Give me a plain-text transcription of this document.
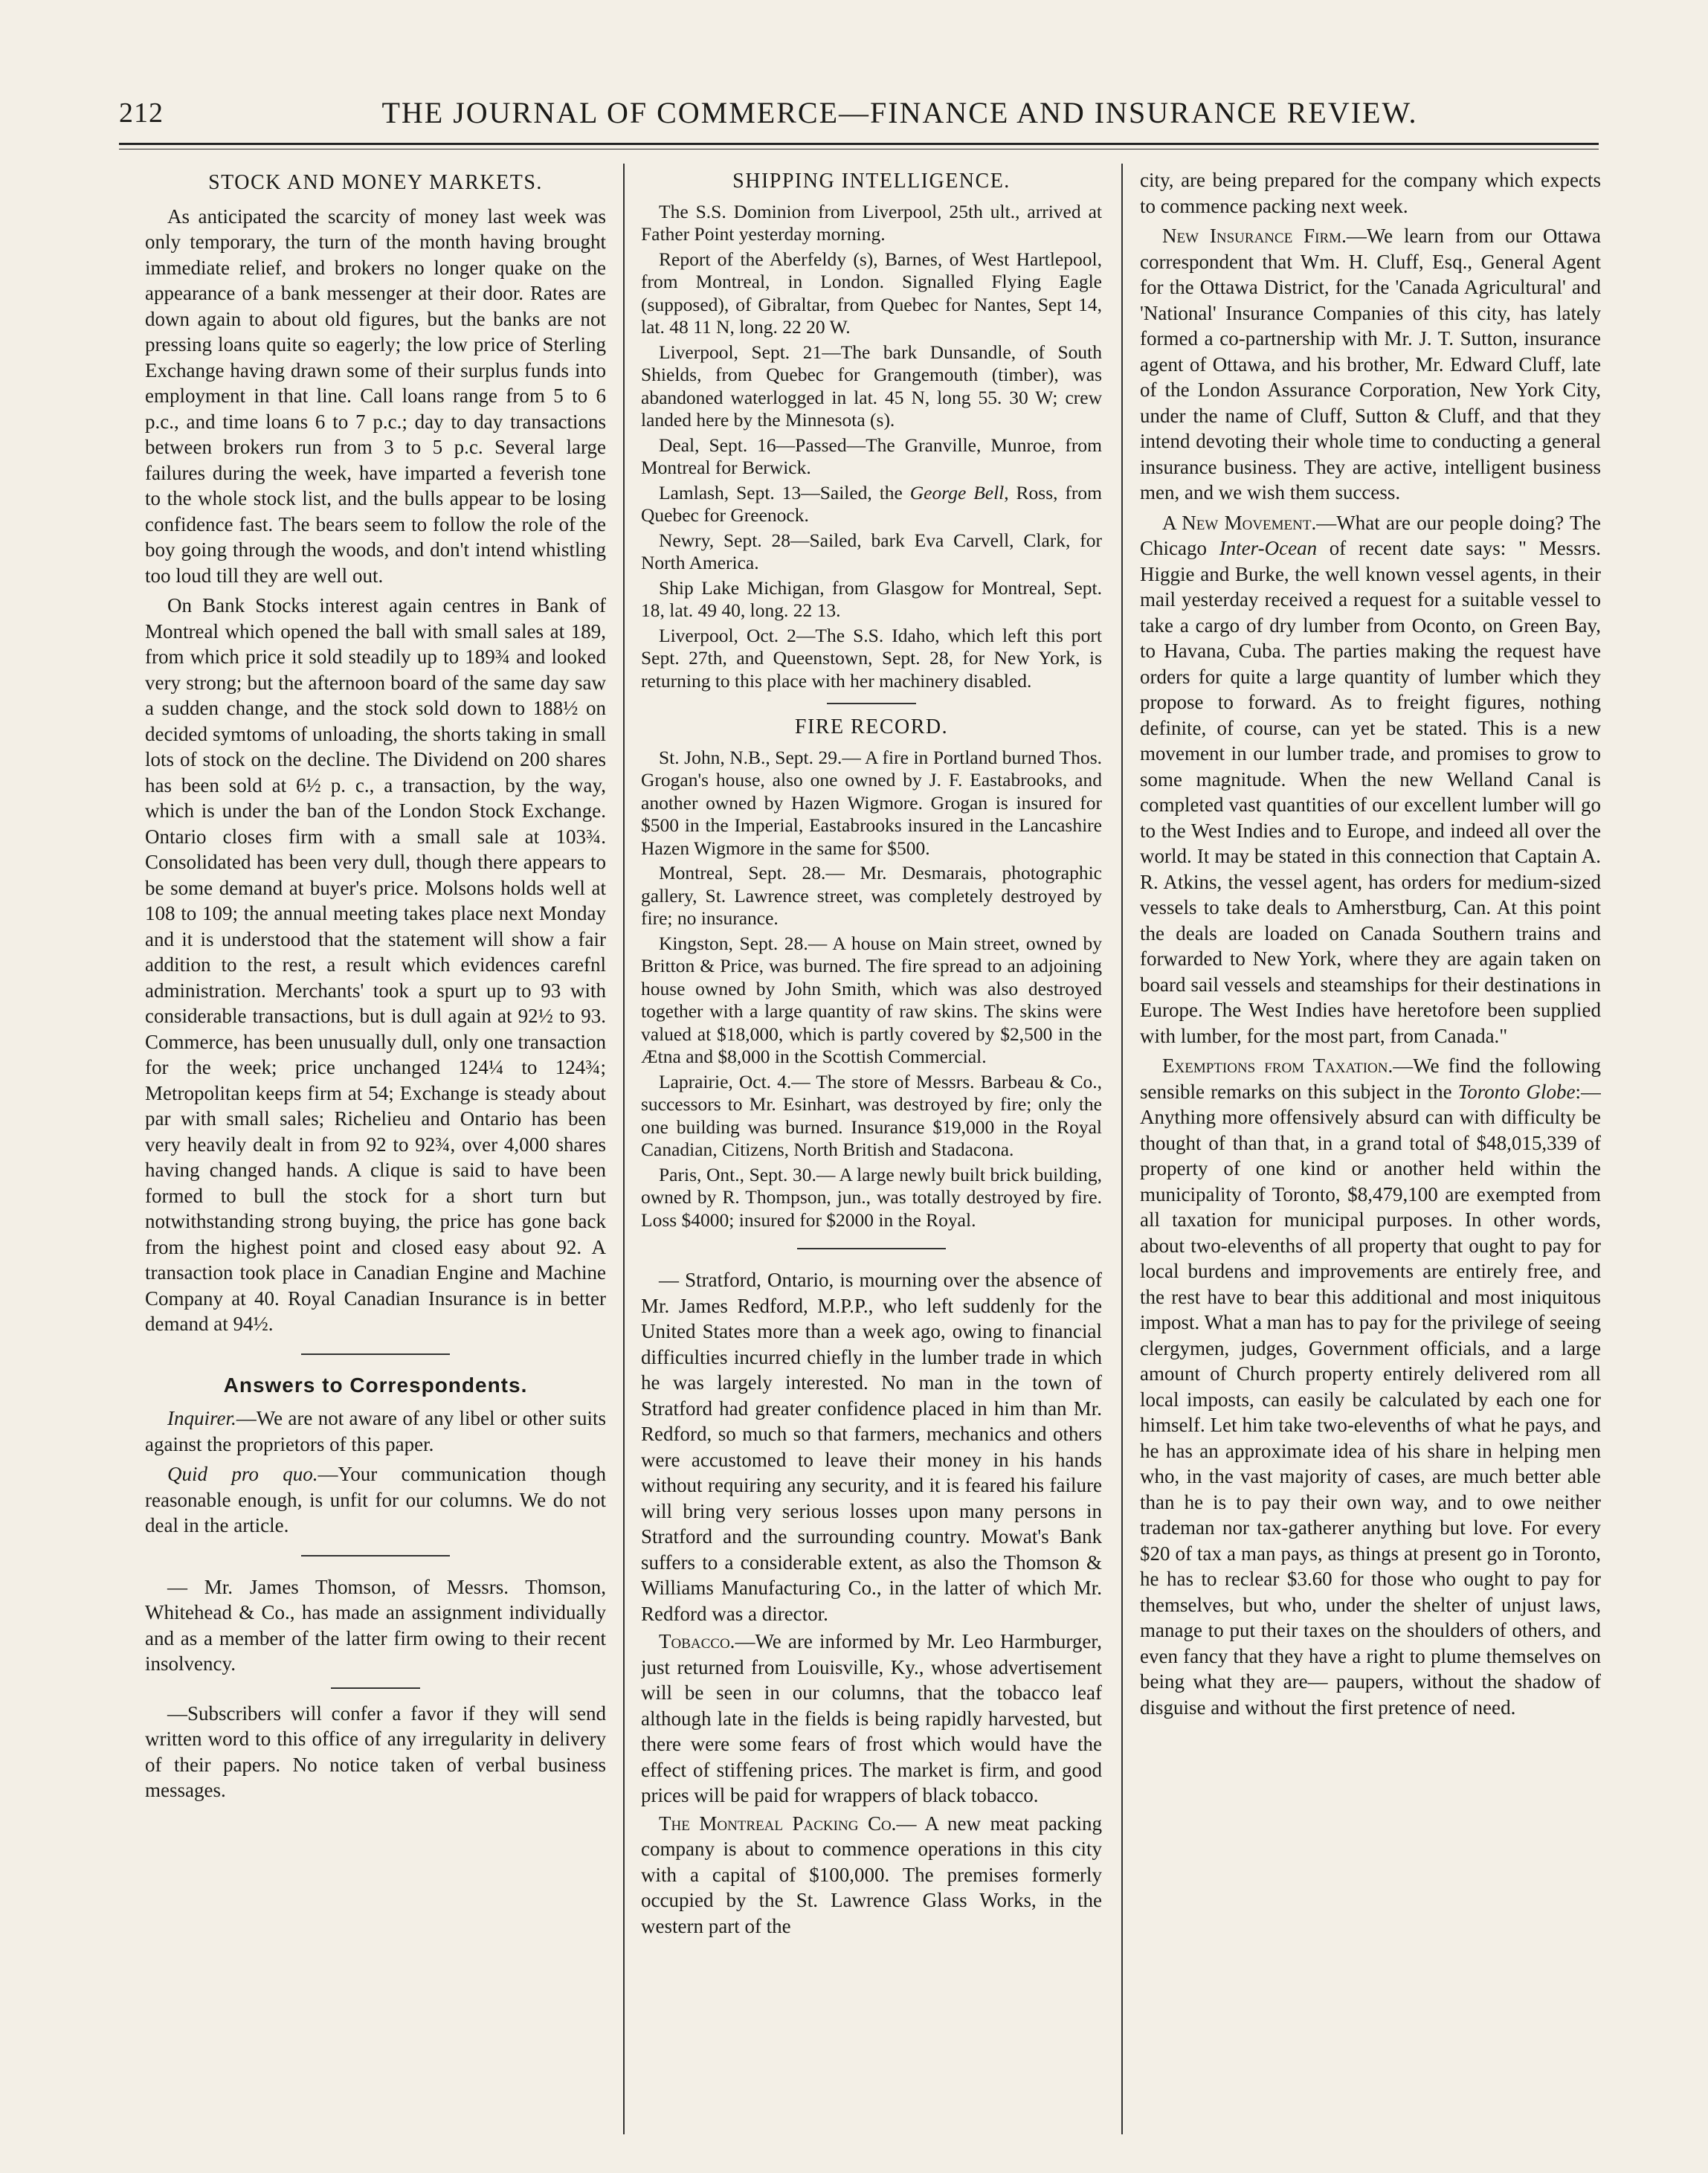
212	THE JOURNAL OF COMMERCE—FINANCE AND INSURANCE REVIEW.
STOCK AND MONEY MARKETS.

As anticipated the scarcity of money last week was only temporary, the turn of the month having brought immediate relief, and brokers no longer quake on the appearance of a bank messenger at their door. Rates are down again to about old figures, but the banks are not pressing loans quite so eagerly; the low price of Sterling Exchange having drawn some of their surplus funds into employment in that line. Call loans range from 5 to 6 p.c., and time loans 6 to 7 p.c.; day to day transactions between brokers run from 3 to 5 p.c. Several large failures during the week, have imparted a feverish tone to the whole stock list, and the bulls appear to be losing confidence fast. The bears seem to follow the role of the boy going through the woods, and don't intend whistling too loud till they are well out.

On Bank Stocks interest again centres in Bank of Montreal which opened the ball with small sales at 189, from which price it sold steadily up to 189¾ and looked very strong; but the afternoon board of the same day saw a sudden change, and the stock sold down to 188½ on decided symtoms of unloading, the shorts taking in small lots of stock on the decline. The Dividend on 200 shares has been sold at 6½ p. c., a transaction, by the way, which is under the ban of the London Stock Exchange. Ontario closes firm with a small sale at 103¾. Consolidated has been very dull, though there appears to be some demand at buyer's price. Molsons holds well at 108 to 109; the annual meeting takes place next Monday and it is understood that the statement will show a fair addition to the rest, a result which evidences carefnl administration. Merchants' took a spurt up to 93 with considerable transactions, but is dull again at 92½ to 93. Commerce, has been unusually dull, only one transaction for the week; price unchanged 124¼ to 124¾; Metropolitan keeps firm at 54; Exchange is steady about par with small sales; Richelieu and Ontario has been very heavily dealt in from 92 to 92¾, over 4,000 shares having changed hands. A clique is said to have been formed to bull the stock for a short turn but notwithstanding strong buying, the price has gone back from the highest point and closed easy about 92. A transaction took place in Canadian Engine and Machine Company at 40. Royal Canadian Insurance is in better demand at 94½.

Answers to Correspondents.

Inquirer.—We are not aware of any libel or other suits against the proprietors of this paper.

Quid pro quo.—Your communication though reasonable enough, is unfit for our columns. We do not deal in the article.

— Mr. James Thomson, of Messrs. Thomson, Whitehead & Co., has made an assignment individually and as a member of the latter firm owing to their recent insolvency.

—Subscribers will confer a favor if they will send written word to this office of any irregularity in delivery of their papers. No notice taken of verbal business messages.

SHIPPING INTELLIGENCE.

The S.S. Dominion from Liverpool, 25th ult., arrived at Father Point yesterday morning.

Report of the Aberfeldy (s), Barnes, of West Hartlepool, from Montreal, in London. Signalled Flying Eagle (supposed), of Gibraltar, from Quebec for Nantes, Sept 14, lat. 48 11 N, long. 22 20 W.

Liverpool, Sept. 21—The bark Dunsandle, of South Shields, from Quebec for Grangemouth (timber), was abandoned waterlogged in lat. 45 N, long 55. 30 W; crew landed here by the Minnesota (s).

Deal, Sept. 16—Passed—The Granville, Munroe, from Montreal for Berwick.

Lamlash, Sept. 13—Sailed, the George Bell, Ross, from Quebec for Greenock.

Newry, Sept. 28—Sailed, bark Eva Carvell, Clark, for North America.

Ship Lake Michigan, from Glasgow for Montreal, Sept. 18, lat. 49 40, long. 22 13.

Liverpool, Oct. 2—The S.S. Idaho, which left this port Sept. 27th, and Queenstown, Sept. 28, for New York, is returning to this place with her machinery disabled.

FIRE RECORD.

St. John, N.B., Sept. 29.— A fire in Portland burned Thos. Grogan's house, also one owned by J. F. Eastabrooks, and another owned by Hazen Wigmore. Grogan is insured for $500 in the Imperial, Eastabrooks insured in the Lancashire Hazen Wigmore in the same for $500.

Montreal, Sept. 28.— Mr. Desmarais, photographic gallery, St. Lawrence street, was completely destroyed by fire; no insurance.

Kingston, Sept. 28.— A house on Main street, owned by Britton & Price, was burned. The fire spread to an adjoining house owned by John Smith, which was also destroyed together with a large quantity of raw skins. The skins were valued at $18,000, which is partly covered by $2,500 in the Ætna and $8,000 in the Scottish Commercial.

Laprairie, Oct. 4.— The store of Messrs. Barbeau & Co., successors to Mr. Esinhart, was destroyed by fire; only the one building was burned. Insurance $19,000 in the Royal Canadian, Citizens, North British and Stadacona.

Paris, Ont., Sept. 30.— A large newly built brick building, owned by R. Thompson, jun., was totally destroyed by fire. Loss $4000; insured for $2000 in the Royal.

— Stratford, Ontario, is mourning over the absence of Mr. James Redford, M.P.P., who left suddenly for the United States more than a week ago, owing to financial difficulties incurred chiefly in the lumber trade in which he was largely interested. No man in the town of Stratford had greater confidence placed in him than Mr. Redford, so much so that farmers, mechanics and others were accustomed to leave their money in his hands without requiring any security, and it is feared his failure will bring very serious losses upon many persons in Stratford and the surrounding country. Mowat's Bank suffers to a considerable extent, as also the Thomson & Williams Manufacturing Co., in the latter of which Mr. Redford was a director.

Tobacco.—We are informed by Mr. Leo Harmburger, just returned from Louisville, Ky., whose advertisement will be seen in our columns, that the tobacco leaf although late in the fields is being rapidly harvested, but there were some fears of frost which would have the effect of stiffening prices. The market is firm, and good prices will be paid for wrappers of black tobacco.

The Montreal Packing Co.— A new meat packing company is about to commence operations in this city with a capital of $100,000. The premises formerly occupied by the St. Lawrence Glass Works, in the western part of the

city, are being prepared for the company which expects to commence packing next week.

New Insurance Firm.—We learn from our Ottawa correspondent that Wm. H. Cluff, Esq., General Agent for the Ottawa District, for the 'Canada Agricultural' and 'National' Insurance Companies of this city, has lately formed a co-partnership with Mr. J. T. Sutton, insurance agent of Ottawa, and his brother, Mr. Edward Cluff, late of the London Assurance Corporation, New York City, under the name of Cluff, Sutton & Cluff, and that they intend devoting their whole time to conducting a general insurance business. They are active, intelligent business men, and we wish them success.

A New Movement.—What are our people doing? The Chicago Inter-Ocean of recent date says: " Messrs. Higgie and Burke, the well known vessel agents, in their mail yesterday received a request for a suitable vessel to take a cargo of dry lumber from Oconto, on Green Bay, to Havana, Cuba. The parties making the request have orders for quite a large quantity of lumber which they propose to forward. As to freight figures, nothing definite, of course, can yet be stated. This is a new movement in our lumber trade, and promises to grow to some magnitude. When the new Welland Canal is completed vast quantities of our excellent lumber will go to the West Indies and to Europe, and indeed all over the world. It may be stated in this connection that Captain A. R. Atkins, the vessel agent, has orders for medium-sized vessels to take deals to Amherstburg, Can. At this point the deals are loaded on Canada Southern trains and forwarded to New York, where they are again taken on board sail vessels and steamships for their destinations in Europe. The West Indies have heretofore been supplied with lumber, for the most part, from Canada."

Exemptions from Taxation.—We find the following sensible remarks on this subject in the Toronto Globe:— Anything more offensively absurd can with difficulty be thought of than that, in a grand total of $48,015,339 of property of one kind or another held within the municipality of Toronto, $8,479,100 are exempted from all taxation for municipal purposes. In other words, about two-elevenths of all property that ought to pay for local burdens and improvements are entirely free, and the rest have to bear this additional and most iniquitous impost. What a man has to pay for the privilege of seeing clergymen, judges, Government officials, and a large amount of Church property entirely delivered rom all local imposts, can easily be calculated by each one for himself. Let him take two-elevenths of what he pays, and he has an approximate idea of his share in helping men who, in the vast majority of cases, are much better able than he is to pay their own way, and to owe neither trademan nor tax-gatherer anything but love. For every $20 of tax a man pays, as things at present go in Toronto, he has to reclear $3.60 for those who ought to pay for themselves, but who, under the shelter of unjust laws, manage to put their taxes on the shoulders of others, and even fancy that they have a right to plume themselves on being what they are— paupers, without the shadow of disguise and without the first pretence of need.
